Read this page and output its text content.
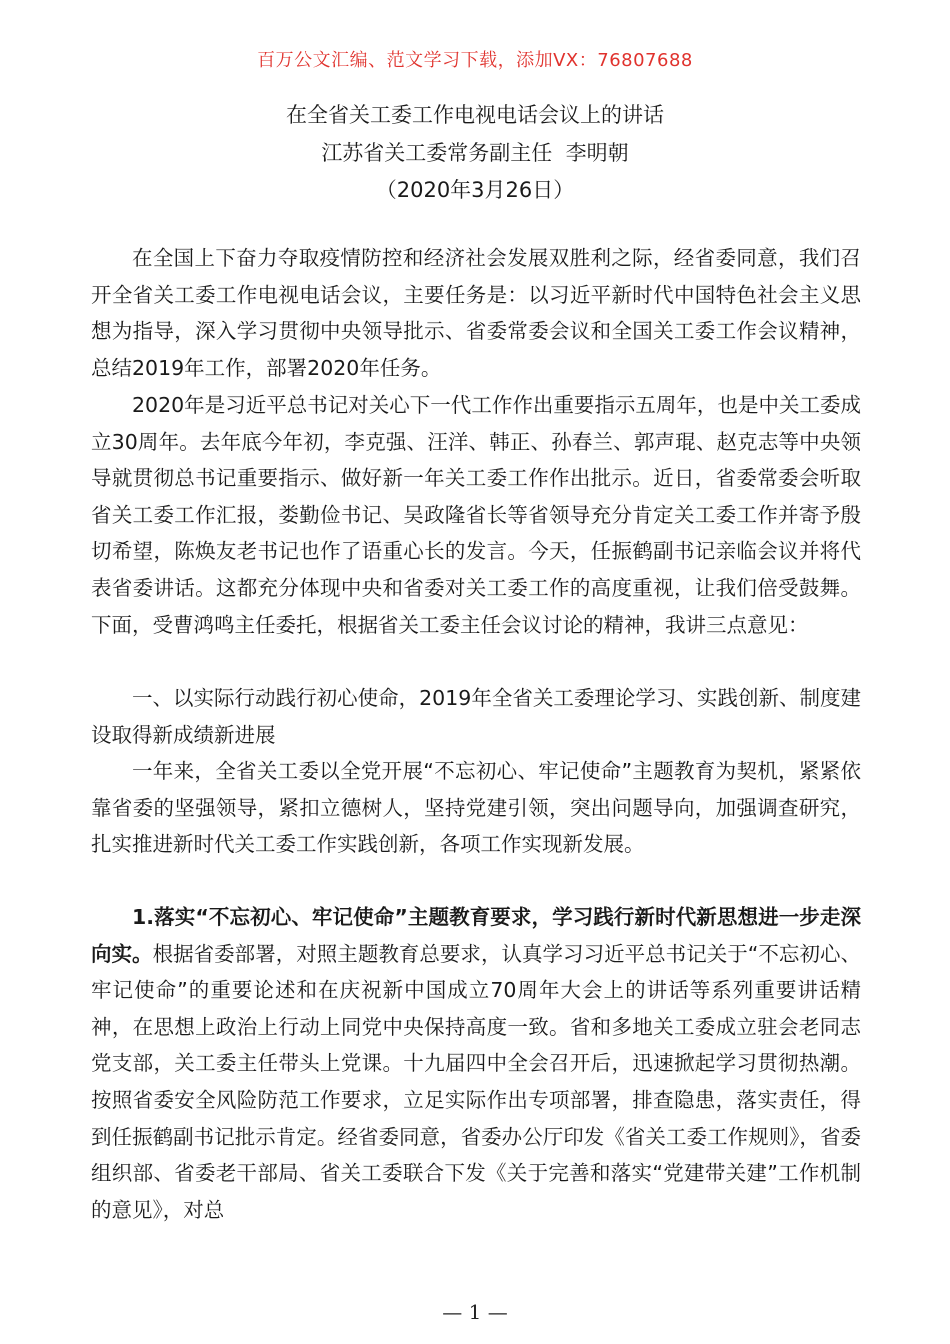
百万公文汇编、范文学习下载，添加VX：76807688
在全省关工委工作电视电话会议上的讲话
江苏省关工委常务副主任  李明朝
（2020年3月26日）

在全国上下奋力夺取疫情防控和经济社会发展双胜利之际，经省委同意，我们召开全省关工委工作电视电话会议，主要任务是：以习近平新时代中国特色社会主义思想为指导，深入学习贯彻中央领导批示、省委常委会议和全国关工委工作会议精神，总结2019年工作，部署2020年任务。

2020年是习近平总书记对关心下一代工作作出重要指示五周年，也是中关工委成立30周年。去年底今年初，李克强、汪洋、韩正、孙春兰、郭声琨、赵克志等中央领导就贯彻总书记重要指示、做好新一年关工委工作作出批示。近日，省委常委会听取省关工委工作汇报，娄勤俭书记、吴政隆省长等省领导充分肯定关工委工作并寄予殷切希望，陈焕友老书记也作了语重心长的发言。今天，任振鹤副书记亲临会议并将代表省委讲话。这都充分体现中央和省委对关工委工作的高度重视，让我们倍受鼓舞。下面，受曹鸿鸣主任委托，根据省关工委主任会议讨论的精神，我讲三点意见：

一、以实际行动践行初心使命，2019年全省关工委理论学习、实践创新、制度建设取得新成绩新进展

一年来，全省关工委以全党开展“不忘初心、牢记使命”主题教育为契机，紧紧依靠省委的坚强领导，紧扣立德树人，坚持党建引领，突出问题导向，加强调查研究，扎实推进新时代关工委工作实践创新，各项工作实现新发展。

1.落实“不忘初心、牢记使命”主题教育要求，学习践行新时代新思想进一步走深向实。根据省委部署，对照主题教育总要求，认真学习习近平总书记关于“不忘初心、牢记使命”的重要论述和在庆祝新中国成立70周年大会上的讲话等系列重要讲话精神，在思想上政治上行动上同党中央保持高度一致。省和多地关工委成立驻会老同志党支部，关工委主任带头上党课。十九届四中全会召开后，迅速掀起学习贯彻热潮。按照省委安全风险防范工作要求，立足实际作出专项部署，排查隐患，落实责任，得到任振鹤副书记批示肯定。经省委同意，省委办公厅印发《省关工委工作规则》，省委组织部、省委老干部局、省关工委联合下发《关于完善和落实“党建带关建”工作机制的意见》，对总

— 1 —
